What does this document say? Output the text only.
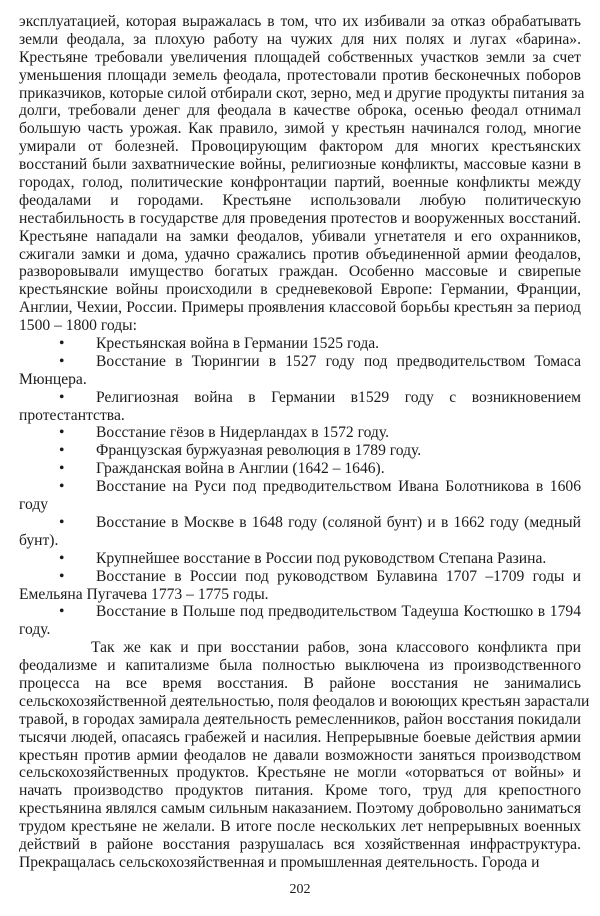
эксплуатацией, которая выражалась в том, что их избивали за отказ обрабатывать
земли феодала, за плохую работу на чужих для них полях и лугах «барина».
Крестьяне требовали увеличения площадей собственных участков земли за счет
уменьшения площади земель феодала, протестовали против бесконечных поборов
приказчиков, которые силой отбирали скот, зерно, мед и другие продукты питания за
долги, требовали денег для феодала в качестве оброка, осенью феодал отнимал
большую часть урожая. Как правило, зимой у крестьян начинался голод, многие
умирали от болезней. Провоцирующим фактором для многих крестьянских
восстаний были захватнические войны, религиозные конфликты, массовые казни в
городах, голод, политические конфронтации партий, военные конфликты между
феодалами и городами. Крестьяне использовали любую политическую
нестабильность в государстве для проведения протестов и вооруженных восстаний.
Крестьяне нападали на замки феодалов, убивали угнетателя и его охранников,
сжигали замки и дома, удачно сражались против объединенной армии феодалов,
разворовывали имущество богатых граждан. Особенно массовые и свирепые
крестьянские войны происходили в средневековой Европе: Германии, Франции,
Англии, Чехии, России. Примеры проявления классовой борьбы крестьян за период
1500 – 1800 годы:
• Крестьянская война в Германии 1525 года.
• Восстание в Тюрингии в 1527 году под предводительством Томаса
Мюнцера.
• Религиозная война в Германии в1529 году с возникновением
протестантства.
• Восстание гёзов в Нидерландах в 1572 году.
• Французская буржуазная революция в 1789 году.
• Гражданская война в Англии (1642 – 1646).
• Восстание на Руси под предводительством Ивана Болотникова в 1606
году
• Восстание в Москве в 1648 году (соляной бунт) и в 1662 году (медный
бунт).
• Крупнейшее восстание в России под руководством Степана Разина.
• Восстание в России под руководством Булавина 1707 –1709 годы и
Емельяна Пугачева 1773 – 1775 годы.
• Восстание в Польше под предводительством Тадеуша Костюшко в 1794
году.
Так же как и при восстании рабов, зона классового конфликта при
феодализме и капитализме была полностью выключена из производственного
процесса на все время восстания. В районе восстания не занимались
сельскохозяйственной деятельностью, поля феодалов и воюющих крестьян зарастали
травой, в городах замирала деятельность ремесленников, район восстания покидали
тысячи людей, опасаясь грабежей и насилия. Непрерывные боевые действия армии
крестьян против армии феодалов не давали возможности заняться производством
сельскохозяйственных продуктов. Крестьяне не могли «оторваться от войны» и
начать производство продуктов питания. Кроме того, труд для крепостного
крестьянина являлся самым сильным наказанием. Поэтому добровольно заниматься
трудом крестьяне не желали. В итоге после нескольких лет непрерывных военных
действий в районе восстания разрушалась вся хозяйственная инфраструктура.
Прекращалась сельскохозяйственная и промышленная деятельность. Города и
202
